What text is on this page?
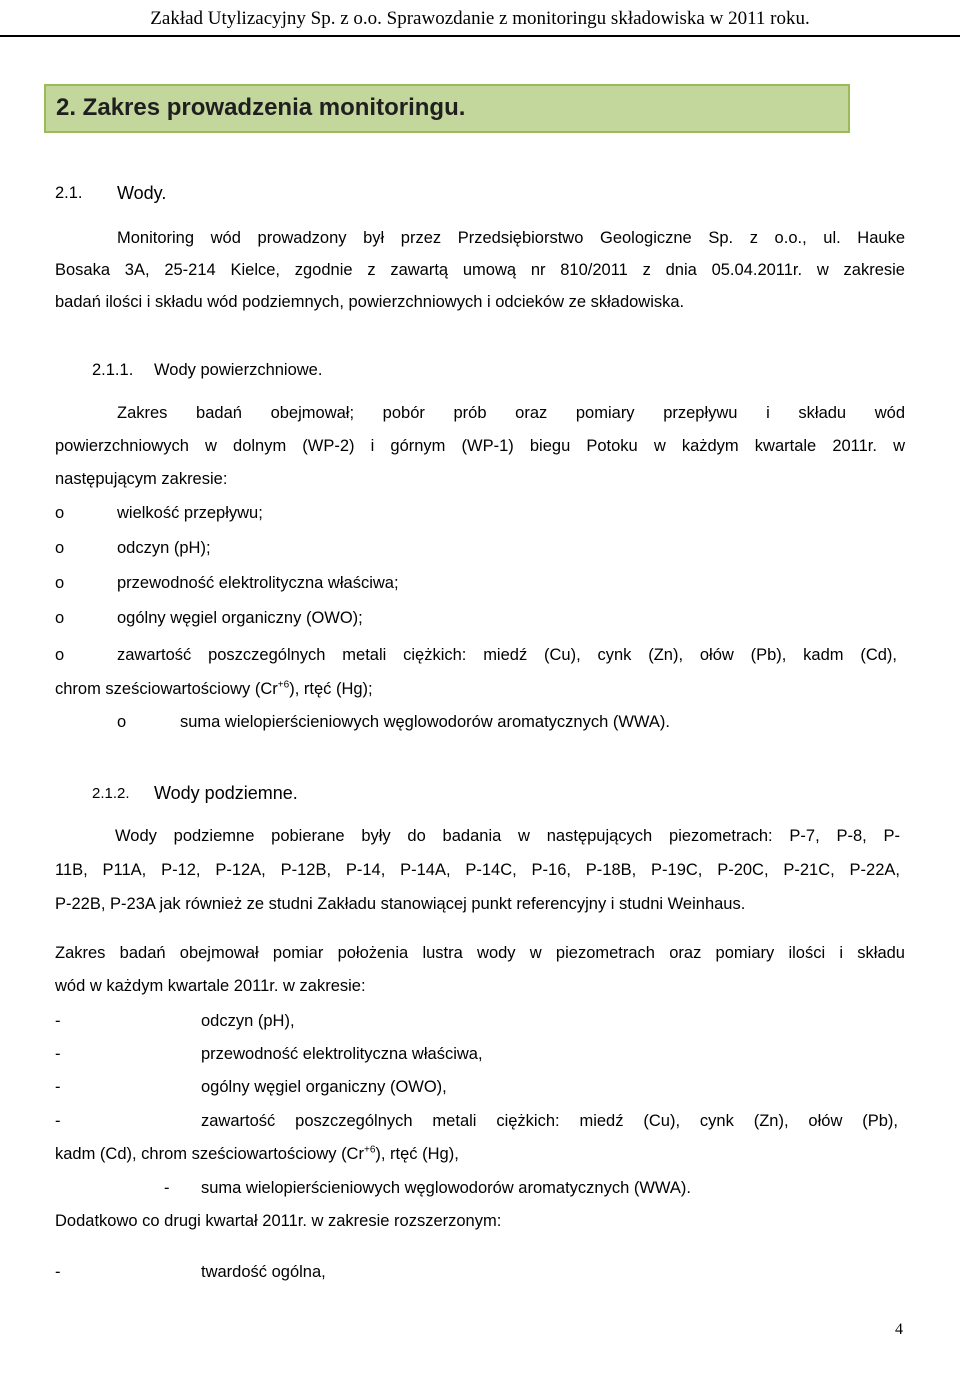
Zakład Utylizacyjny Sp. z o.o. Sprawozdanie z monitoringu składowiska w 2011 roku.
2. Zakres prowadzenia monitoringu.
2.1. Wody.
Monitoring wód prowadzony był przez Przedsiębiorstwo Geologiczne Sp. z o.o., ul. Hauke
Bosaka 3A, 25-214 Kielce, zgodnie z zawartą umową nr 810/2011 z dnia 05.04.2011r. w zakresie
badań ilości i składu wód podziemnych, powierzchniowych i odcieków ze składowiska.
2.1.1. Wody powierzchniowe.
Zakres badań obejmował; pobór prób oraz pomiary przepływu i składu wód
powierzchniowych w dolnym (WP-2) i górnym (WP-1) biegu Potoku w każdym kwartale 2011r. w
następującym zakresie:
o	wielkość przepływu;
o	odczyn (pH);
o	przewodność elektrolityczna właściwa;
o	ogólny węgiel organiczny (OWO);
o	zawartość poszczególnych metali ciężkich: miedź (Cu), cynk (Zn), ołów (Pb), kadm (Cd),
chrom sześciowartościowy $(Cr^{+6})$, rtęć (Hg);
o	suma wielopierścieniowych węglowodorów aromatycznych (WWA).
2.1.2. Wody podziemne.
Wody podziemne pobierane były do badania w następujących piezometrach: P-7, P-8, P-
11B, P11A, P-12, P-12A, P-12B, P-14, P-14A, P-14C, P-16, P-18B, P-19C, P-20C, P-21C, P-22A,
P-22B, P-23A jak również ze studni Zakładu stanowiącej punkt referencyjny i studni Weinhaus.
Zakres badań obejmował pomiar położenia lustra wody w piezometrach oraz pomiary ilości i składu
wód w każdym kwartale 2011r. w zakresie:
-	odczyn (pH),
-	przewodność elektrolityczna właściwa,
-	ogólny węgiel organiczny (OWO),
-	zawartość poszczególnych metali ciężkich: miedź (Cu), cynk (Zn), ołów (Pb),
kadm (Cd), chrom sześciowartościowy $(Cr^{+6})$, rtęć (Hg),
- suma wielopierścieniowych węglowodorów aromatycznych (WWA).
Dodatkowo co drugi kwartał 2011r. w zakresie rozszerzonym:
-	twardość ogólna,
4
